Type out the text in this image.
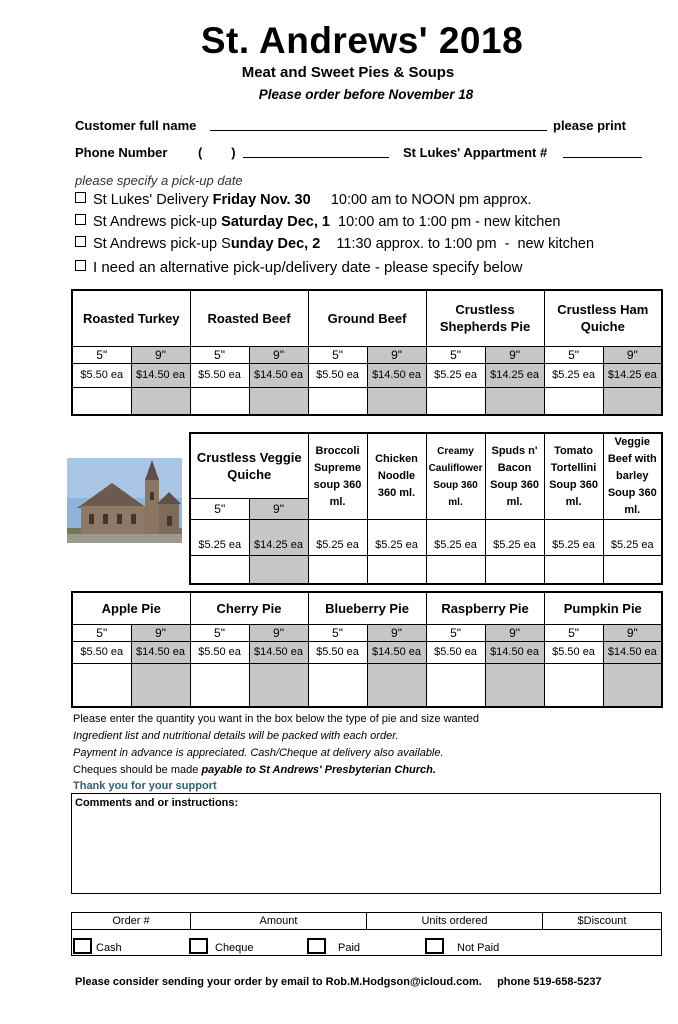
St. Andrews' 2018
Meat and Sweet Pies & Soups
Please order before November 18
Customer full name	please print
Phone Number (        )	St Lukes' Appartment #
please specify a pick-up date
St Lukes' Delivery Friday Nov. 30     10:00 am to NOON pm approx.
St Andrews pick-up Saturday Dec, 1  10:00 am to 1:00 pm - new kitchen
St Andrews pick-up Sunday Dec, 2    11:30 approx. to 1:00 pm  -  new kitchen
I need an alternative pick-up/delivery date - please specify below
Roasted Turkey		Roasted Beef		Ground Beef		Crustless Shepherds Pie		Crustless Ham Quiche	
5"	9"	5"	9"	5"	9"	5"	9"	5"	9"
$5.50 ea	$14.50 ea	$5.50 ea	$14.50 ea	$5.50 ea	$14.50 ea	$5.25 ea	$14.25 ea	$5.25 ea	$14.25 ea

Crustless Veggie Quiche		Broccoli Supreme soup 360 ml.	Chicken Noodle 360 ml.	Creamy Cauliflower Soup 360 ml.	Spuds n' Bacon Soup 360 ml.	Tomato Tortellini Soup 360 ml.	Veggie Beef with barley Soup 360 ml.
5"	9"						
$5.25 ea	$14.25 ea	$5.25 ea	$5.25 ea	$5.25 ea	$5.25 ea	$5.25 ea	$5.25 ea

Apple Pie		Cherry Pie		Blueberry Pie		Raspberry Pie		Pumpkin Pie	
5"	9"	5"	9"	5"	9"	5"	9"	5"	9"
$5.50 ea	$14.50 ea	$5.50 ea	$14.50 ea	$5.50 ea	$14.50 ea	$5.50 ea	$14.50 ea	$5.50 ea	$14.50 ea

Please enter the quantity you want in the box below the type of pie and size wanted
Ingredient list and nutritional details will be packed with each order.
Payment in advance is appreciated. Cash/Cheque at delivery also available.
Cheques should be made payable to St Andrews' Presbyterian Church.
Thank you for your support
Comments and or instructions:
Order #	Amount	Units ordered	$Discount

Cash	Cheque	Paid	Not Paid
Please consider sending your order by email to Rob.M.Hodgson@icloud.com.     phone 519-658-5237
